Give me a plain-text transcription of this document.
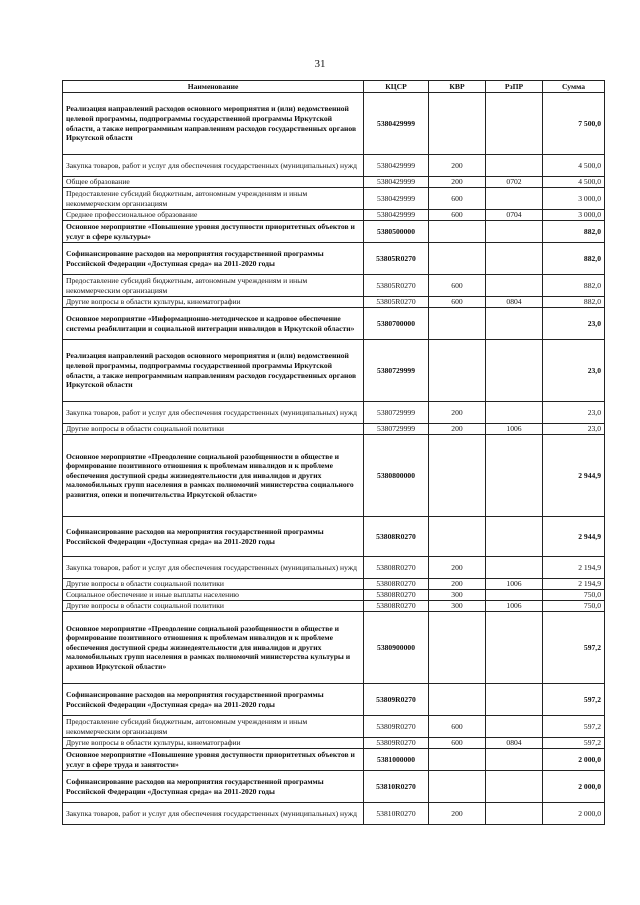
31
Наименование	КЦСР	КВР	РзПР	Сумма
Реализация направлений расходов основного мероприятия и (или) ведомственной целевой программы, подпрограммы государственной программы Иркутской области, а также непрограммным направлениям расходов государственных органов Иркутской области	5380429999			7 500,0
Закупка товаров, работ и услуг для обеспечения государственных (муниципальных) нужд	5380429999	200		4 500,0
Общее образование	5380429999	200	0702	4 500,0
Предоставление субсидий бюджетным, автономным учреждениям и иным некоммерческим организациям	5380429999	600		3 000,0
Среднее профессиональное образование	5380429999	600	0704	3 000,0
Основное мероприятие «Повышение уровня доступности приоритетных объектов и услуг в сфере культуры»	5380500000			882,0
Софинансирование расходов на мероприятия государственной программы Российской Федерации «Доступная среда» на 2011-2020 годы	53805R0270			882,0
Предоставление субсидий бюджетным, автономным учреждениям и иным некоммерческим организациям	53805R0270	600		882,0
Другие вопросы в области культуры, кинематографии	53805R0270	600	0804	882,0
Основное мероприятие «Информационно-методическое и кадровое обеспечение системы реабилитации и социальной интеграции инвалидов в Иркутской области»	5380700000			23,0
Реализация направлений расходов основного мероприятия и (или) ведомственной целевой программы, подпрограммы государственной программы Иркутской области, а также непрограммным направлениям расходов государственных органов Иркутской области	5380729999			23,0
Закупка товаров, работ и услуг для обеспечения государственных (муниципальных) нужд	5380729999	200		23,0
Другие вопросы в области социальной политики	5380729999	200	1006	23,0
Основное мероприятие «Преодоление социальной разобщенности в обществе и формирование позитивного отношения к проблемам инвалидов и к проблеме обеспечения доступной среды жизнедеятельности для инвалидов и других маломобильных групп населения в рамках полномочий министерства социального развития, опеки и попечительства Иркутской области»	5380800000			2 944,9
Софинансирование расходов на мероприятия государственной программы Российской Федерации «Доступная среда» на 2011-2020 годы	53808R0270			2 944,9
Закупка товаров, работ и услуг для обеспечения государственных (муниципальных) нужд	53808R0270	200		2 194,9
Другие вопросы в области социальной политики	53808R0270	200	1006	2 194,9
Социальное обеспечение и иные выплаты населению	53808R0270	300		750,0
Другие вопросы в области социальной политики	53808R0270	300	1006	750,0
Основное мероприятие «Преодоление социальной разобщенности в обществе и формирование позитивного отношения к проблемам инвалидов и к проблеме обеспечения доступной среды жизнедеятельности для инвалидов и других маломобильных групп населения в рамках полномочий министерства культуры и архивов Иркутской области»	5380900000			597,2
Софинансирование расходов на мероприятия государственной программы Российской Федерации «Доступная среда» на 2011-2020 годы	53809R0270			597,2
Предоставление субсидий бюджетным, автономным учреждениям и иным некоммерческим организациям	53809R0270	600		597,2
Другие вопросы в области культуры, кинематографии	53809R0270	600	0804	597,2
Основное мероприятие «Повышение уровня доступности приоритетных объектов и услуг в сфере труда и занятости»	5381000000			2 000,0
Софинансирование расходов на мероприятия государственной программы Российской Федерации «Доступная среда» на 2011-2020 годы	53810R0270			2 000,0
Закупка товаров, работ и услуг для обеспечения государственных (муниципальных) нужд	53810R0270	200		2 000,0
